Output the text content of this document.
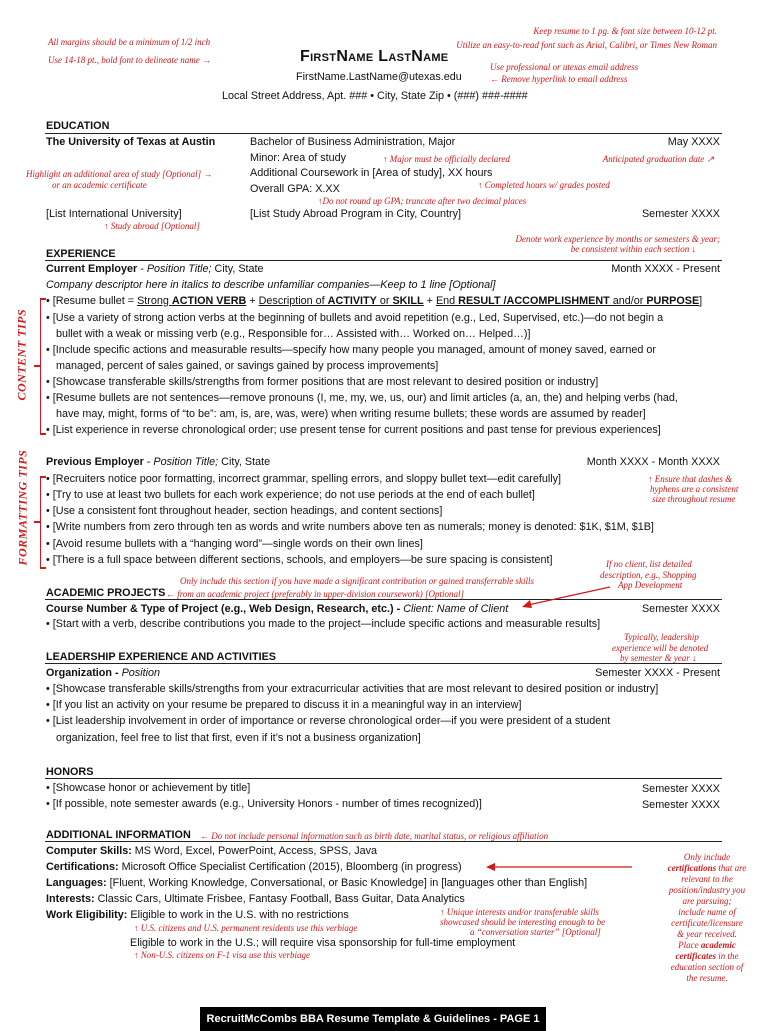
All margins should be a minimum of 1/2 inch
Use 14-18 pt., bold font to delineate name →
Keep resume to 1 pg. & font size between 10-12 pt.
Utilize an easy-to-read font such as Arial, Calibri, or Times New Roman
Use professional or utexas email address
← Remove hyperlink to email address
FirstName LastName
FirstName.LastName@utexas.edu
Local Street Address, Apt. ### • City, State Zip • (###) ###-####
EDUCATION
The University of Texas at Austin	Bachelor of Business Administration, Major	May XXXX
Minor: Area of study	↑ Major must be officially declared	Anticipated graduation date ↗
Highlight an additional area of study [Optional] →
or an academic certificate
Additional Coursework in [Area of study], XX hours
↑ Completed hours w/ grades posted
Overall GPA: X.XX
↑Do not round up GPA; truncate after two decimal places
[List International University]	[List Study Abroad Program in City, Country]	Semester XXXX
↑ Study abroad [Optional]
Denote work experience by months or semesters & year;
be consistent within each section ↓
EXPERIENCE
Current Employer - Position Title; City, State	Month XXXX - Present
Company descriptor here in italics to describe unfamiliar companies—Keep to 1 line [Optional]
• [Resume bullet = Strong ACTION VERB + Description of ACTIVITY or SKILL + End RESULT /ACCOMPLISHMENT and/or PURPOSE]
• [Use a variety of strong action verbs at the beginning of bullets and avoid repetition (e.g., Led, Supervised, etc.)—do not begin a
bullet with a weak or missing verb (e.g., Responsible for… Assisted with… Worked on… Helped…)]
• [Include specific actions and measurable results—specify how many people you managed, amount of money saved, earned or
managed, percent of sales gained, or savings gained by process improvements]
• [Showcase transferable skills/strengths from former positions that are most relevant to desired position or industry]
• [Resume bullets are not sentences—remove pronouns (I, me, my, we, us, our) and limit articles (a, an, the) and helping verbs (had,
have may, might, forms of “to be”: am, is, are, was, were) when writing resume bullets; these words are assumed by reader]
• [List experience in reverse chronological order; use present tense for current positions and past tense for previous experiences]
CONTENT TIPS
Previous Employer - Position Title; City, State	Month XXXX - Month XXXX
↑ Ensure that dashes &
hyphens are a consistent
size throughout resume
• [Recruiters notice poor formatting, incorrect grammar, spelling errors, and sloppy bullet text—edit carefully]
• [Try to use at least two bullets for each work experience; do not use periods at the end of each bullet]
• [Use a consistent font throughout header, section headings, and content sections]
• [Write numbers from zero through ten as words and write numbers above ten as numerals; money is denoted: $1K, $1M, $1B]
• [Avoid resume bullets with a “hanging word”—single words on their own lines]
• [There is a full space between different sections, schools, and employers—be sure spacing is consistent]
FORMATTING TIPS	If no client, list detailed
description, e.g., Shopping
App Development
Only include this section if you have made a significant contribution or gained transferrable skills
ACADEMIC PROJECTS ← from an academic project (preferably in upper-division coursework) [Optional]
Course Number & Type of Project (e.g., Web Design, Research, etc.) - Client: Name of Client	Semester XXXX
• [Start with a verb, describe contributions you made to the project—include specific actions and measurable results]
Typically, leadership
experience will be denoted
by semester & year ↓
LEADERSHIP EXPERIENCE AND ACTIVITIES
Organization - Position	Semester XXXX - Present
• [Showcase transferable skills/strengths from your extracurricular activities that are most relevant to desired position or industry]
• [If you list an activity on your resume be prepared to discuss it in a meaningful way in an interview]
• [List leadership involvement in order of importance or reverse chronological order—if you were president of a student
organization, feel free to list that first, even if it’s not a business organization]
HONORS
• [Showcase honor or achievement by title]	Semester XXXX
• [If possible, note semester awards (e.g., University Honors - number of times recognized)]	Semester XXXX
ADDITIONAL INFORMATION ← Do not include personal information such as birth date, marital status, or religious affiliation
Computer Skills: MS Word, Excel, PowerPoint, Access, SPSS, Java
Certifications: Microsoft Office Specialist Certification (2015), Bloomberg (in progress)
Languages: [Fluent, Working Knowledge, Conversational, or Basic Knowledge] in [languages other than English]
Interests: Classic Cars, Ultimate Frisbee, Fantasy Football, Bass Guitar, Data Analytics
Work Eligibility: Eligible to work in the U.S. with no restrictions	↑ Unique interests and/or transferable skills
showcased should be interesting enough to be
a “conversation starter” [Optional]
↑ U.S. citizens and U.S. permanent residents use this verbiage
Eligible to work in the U.S.; will require visa sponsorship for full-time employment
↑ Non-U.S. citizens on F-1 visa use this verbiage
Only include
certifications that are
relevant to the
position/industry you
are pursuing;
include name of
certificate/licensure
& year received.
Place academic
certificates in the
education section of
the resume.
RecruitMcCombs BBA Resume Template & Guidelines - PAGE 1
